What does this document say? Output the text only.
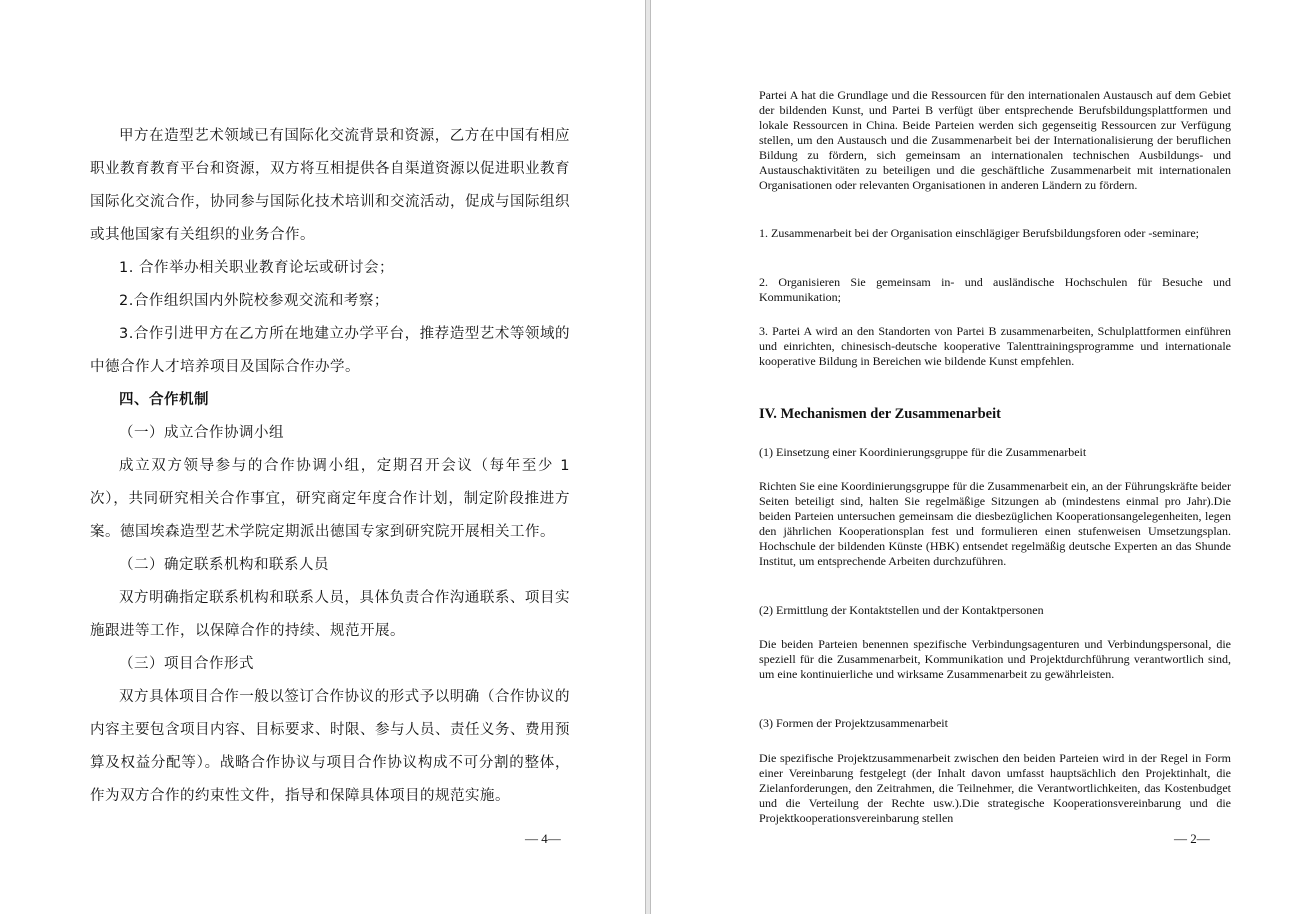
甲方在造型艺术领域已有国际化交流背景和资源，乙方在中国有相应职业教育教育平台和资源，双方将互相提供各自渠道资源以促进职业教育国际化交流合作，协同参与国际化技术培训和交流活动，促成与国际组织或其他国家有关组织的业务合作。

1. 合作举办相关职业教育论坛或研讨会；

2.合作组织国内外院校参观交流和考察；

3.合作引进甲方在乙方所在地建立办学平台，推荐造型艺术等领域的中德合作人才培养项目及国际合作办学。

四、合作机制

（一）成立合作协调小组

成立双方领导参与的合作协调小组，定期召开会议（每年至少 1 次），共同研究相关合作事宜，研究商定年度合作计划，制定阶段推进方案。德国埃森造型艺术学院定期派出德国专家到研究院开展相关工作。

（二）确定联系机构和联系人员

双方明确指定联系机构和联系人员，具体负责合作沟通联系、项目实施跟进等工作，以保障合作的持续、规范开展。

（三）项目合作形式

双方具体项目合作一般以签订合作协议的形式予以明确（合作协议的内容主要包含项目内容、目标要求、时限、参与人员、责任义务、费用预算及权益分配等）。战略合作协议与项目合作协议构成不可分割的整体，作为双方合作的约束性文件，指导和保障具体项目的规范实施。

— 4—

Partei A hat die Grundlage und die Ressourcen für den internationalen Austausch auf dem Gebiet der bildenden Kunst, und Partei B verfügt über entsprechende Berufsbildungsplattformen und lokale Ressourcen in China. Beide Parteien werden sich gegenseitig Ressourcen zur Verfügung stellen, um den Austausch und die Zusammenarbeit bei der Internationalisierung der beruflichen Bildung zu fördern, sich gemeinsam an internationalen technischen Ausbildungs- und Austauschaktivitäten zu beteiligen und die geschäftliche Zusammenarbeit mit internationalen Organisationen oder relevanten Organisationen in anderen Ländern zu fördern.

1. Zusammenarbeit bei der Organisation einschlägiger Berufsbildungsforen oder -seminare;

2. Organisieren Sie gemeinsam in- und ausländische Hochschulen für Besuche und Kommunikation;

3. Partei A wird an den Standorten von Partei B zusammenarbeiten, Schulplattformen einführen und einrichten, chinesisch-deutsche kooperative Talenttrainingsprogramme und internationale kooperative Bildung in Bereichen wie bildende Kunst empfehlen.

IV. Mechanismen der Zusammenarbeit

(1) Einsetzung einer Koordinierungsgruppe für die Zusammenarbeit

Richten Sie eine Koordinierungsgruppe für die Zusammenarbeit ein, an der Führungskräfte beider Seiten beteiligt sind, halten Sie regelmäßige Sitzungen ab (mindestens einmal pro Jahr).Die beiden Parteien untersuchen gemeinsam die diesbezüglichen Kooperationsangelegenheiten, legen den jährlichen Kooperationsplan fest und formulieren einen stufenweisen Umsetzungsplan. Hochschule der bildenden Künste (HBK) entsendet regelmäßig deutsche Experten an das Shunde Institut, um entsprechende Arbeiten durchzuführen.

(2) Ermittlung der Kontaktstellen und der Kontaktpersonen

Die beiden Parteien benennen spezifische Verbindungsagenturen und Verbindungspersonal, die speziell für die Zusammenarbeit, Kommunikation und Projektdurchführung verantwortlich sind, um eine kontinuierliche und wirksame Zusammenarbeit zu gewährleisten.

(3) Formen der Projektzusammenarbeit

Die spezifische Projektzusammenarbeit zwischen den beiden Parteien wird in der Regel in Form einer Vereinbarung festgelegt (der Inhalt davon umfasst hauptsächlich den Projektinhalt, die Zielanforderungen, den Zeitrahmen, die Teilnehmer, die Verantwortlichkeiten, das Kostenbudget und die Verteilung der Rechte usw.).Die strategische Kooperationsvereinbarung und die Projektkooperationsvereinbarung stellen

— 2—
